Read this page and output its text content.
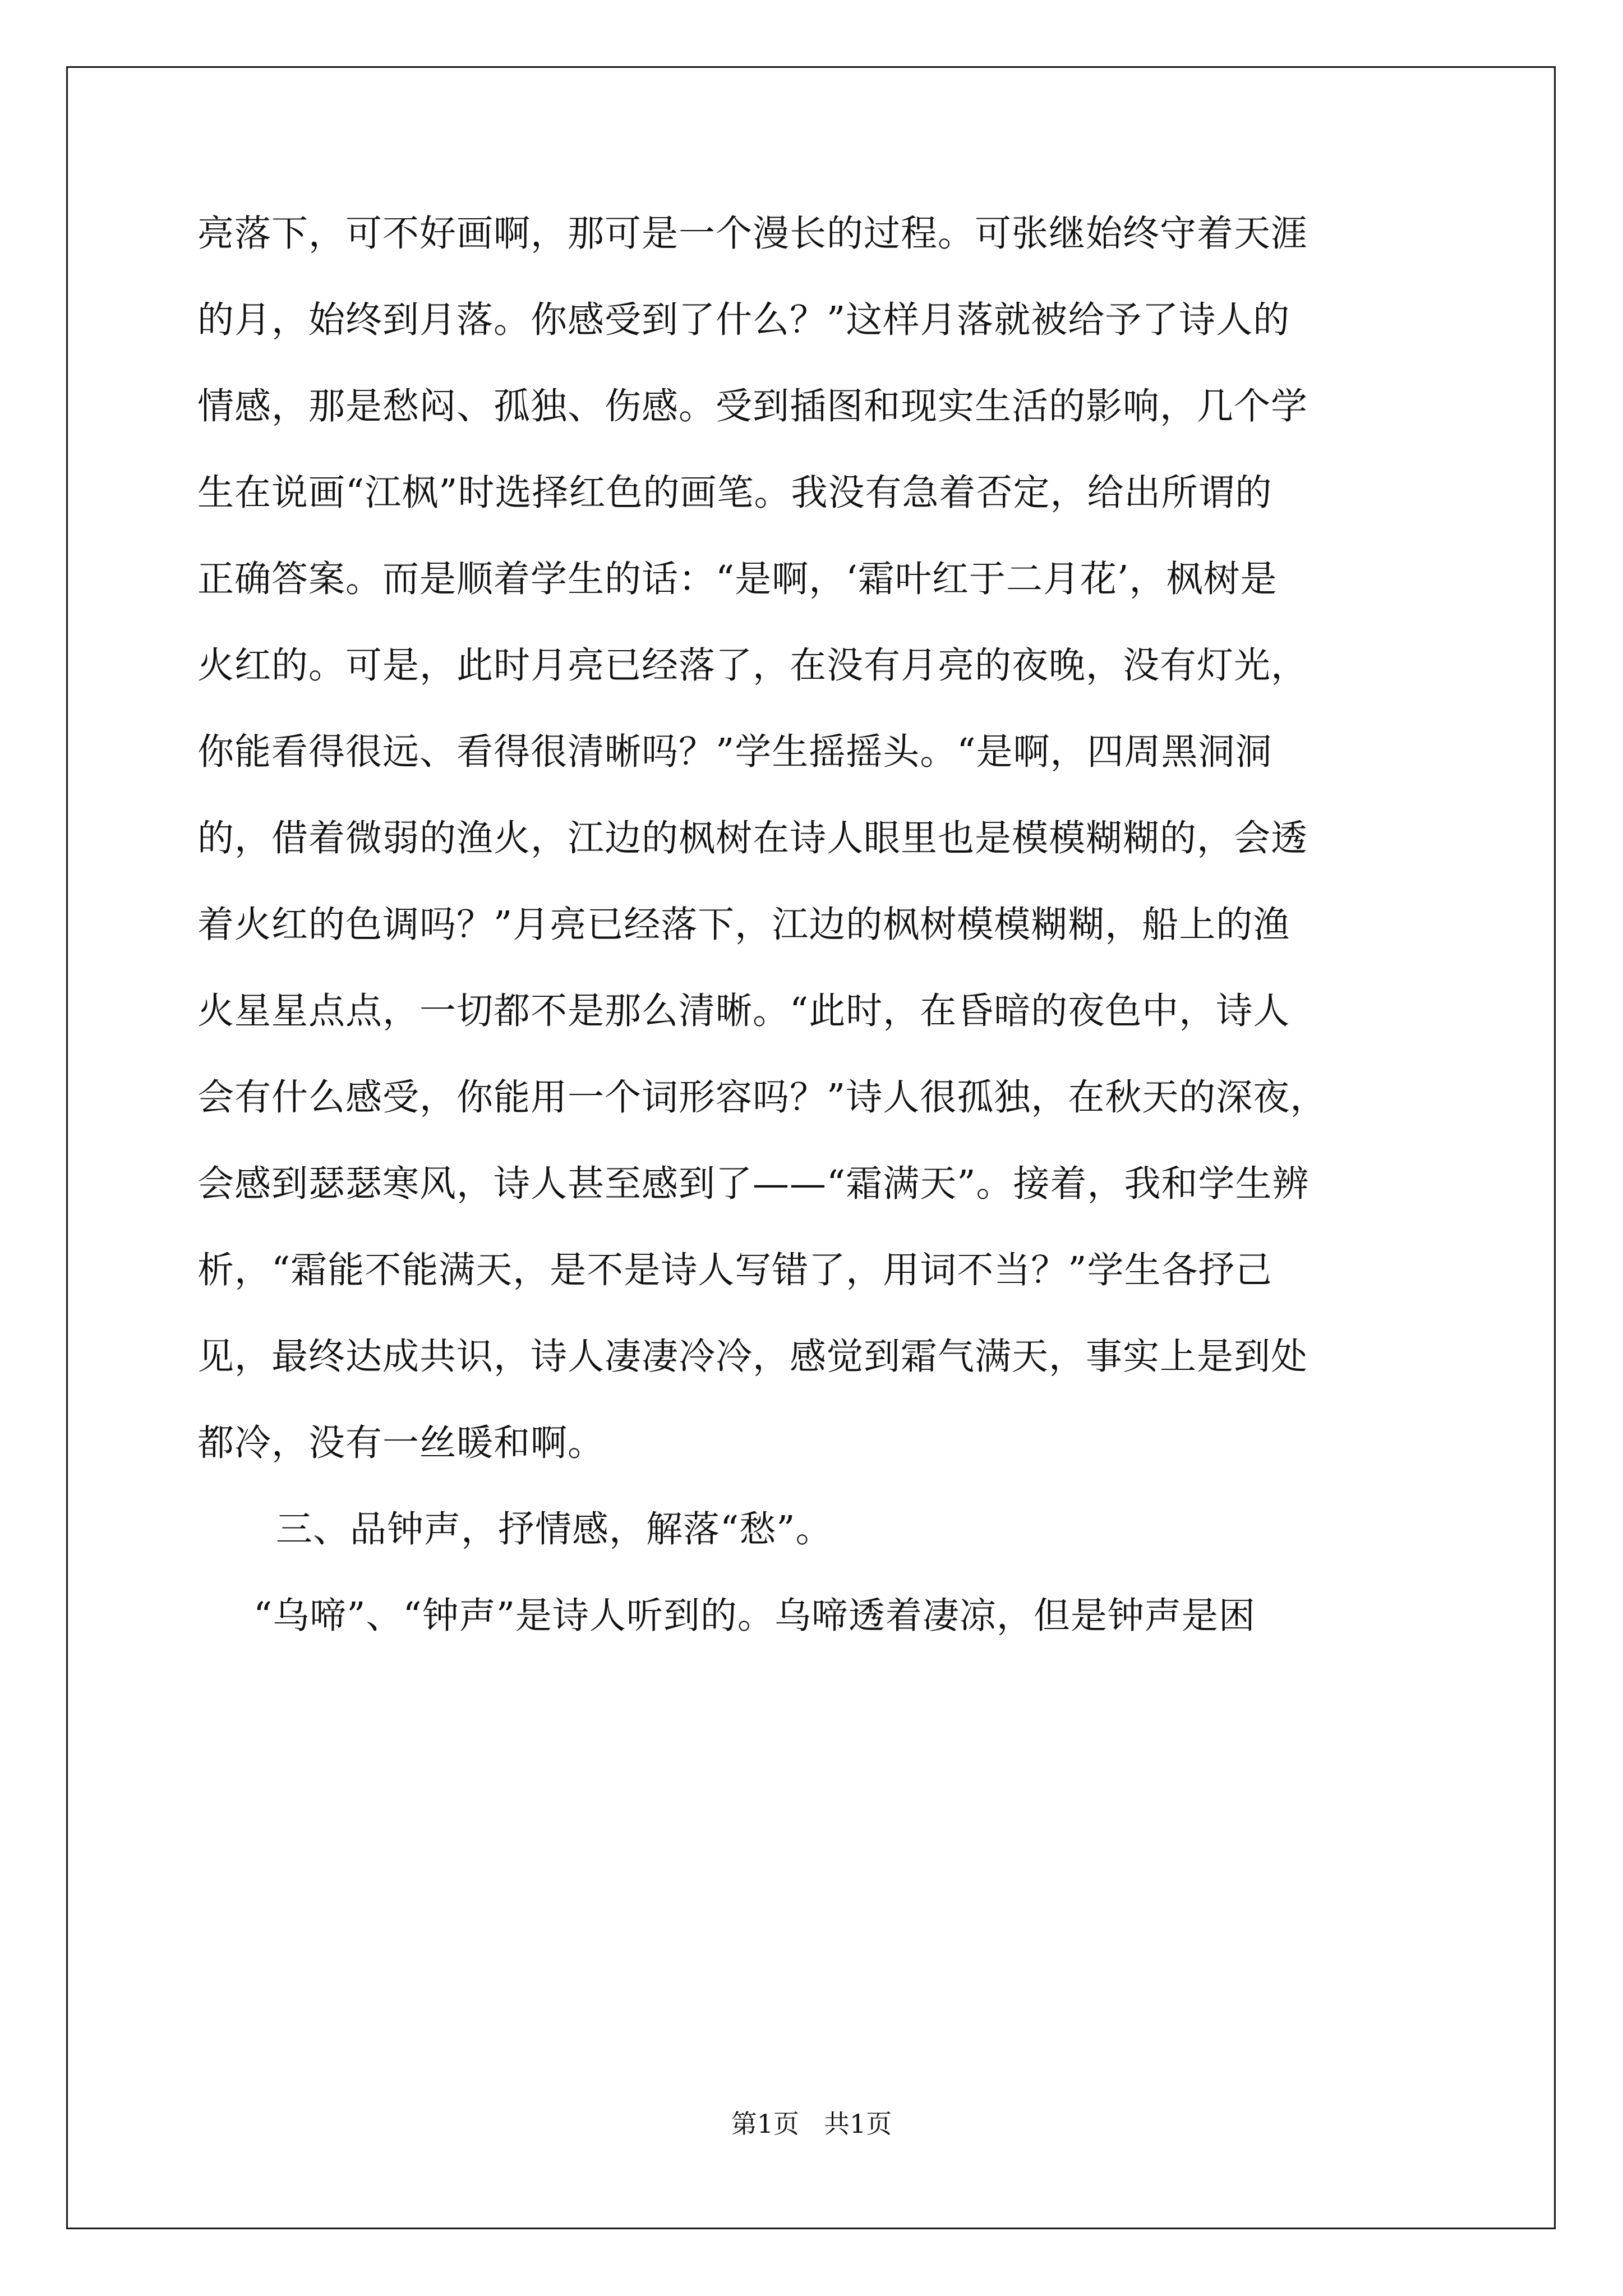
亮落下，可不好画啊，那可是一个漫长的过程。可张继始终守着天涯
的月，始终到月落。你感受到了什么？”这样月落就被给予了诗人的
情感，那是愁闷、孤独、伤感。受到插图和现实生活的影响，几个学
生在说画“江枫”时选择红色的画笔。我没有急着否定，给出所谓的
正确答案。而是顺着学生的话：“是啊，‘霜叶红于二月花’，枫树是
火红的。可是，此时月亮已经落了，在没有月亮的夜晚，没有灯光，
你能看得很远、看得很清晰吗？”学生摇摇头。“是啊，四周黑洞洞
的，借着微弱的渔火，江边的枫树在诗人眼里也是模模糊糊的，会透
着火红的色调吗？”月亮已经落下，江边的枫树模模糊糊，船上的渔
火星星点点，一切都不是那么清晰。“此时，在昏暗的夜色中，诗人
会有什么感受，你能用一个词形容吗？”诗人很孤独，在秋天的深夜，
会感到瑟瑟寒风，诗人甚至感到了——“霜满天”。接着，我和学生辨
析，“霜能不能满天，是不是诗人写错了，用词不当？”学生各抒己
见，最终达成共识，诗人凄凄冷冷，感觉到霜气满天，事实上是到处
都冷，没有一丝暖和啊。
三、品钟声，抒情感，解落“愁”。
“乌啼”、“钟声”是诗人听到的。乌啼透着凄凉，但是钟声是困
第1页 共1页
